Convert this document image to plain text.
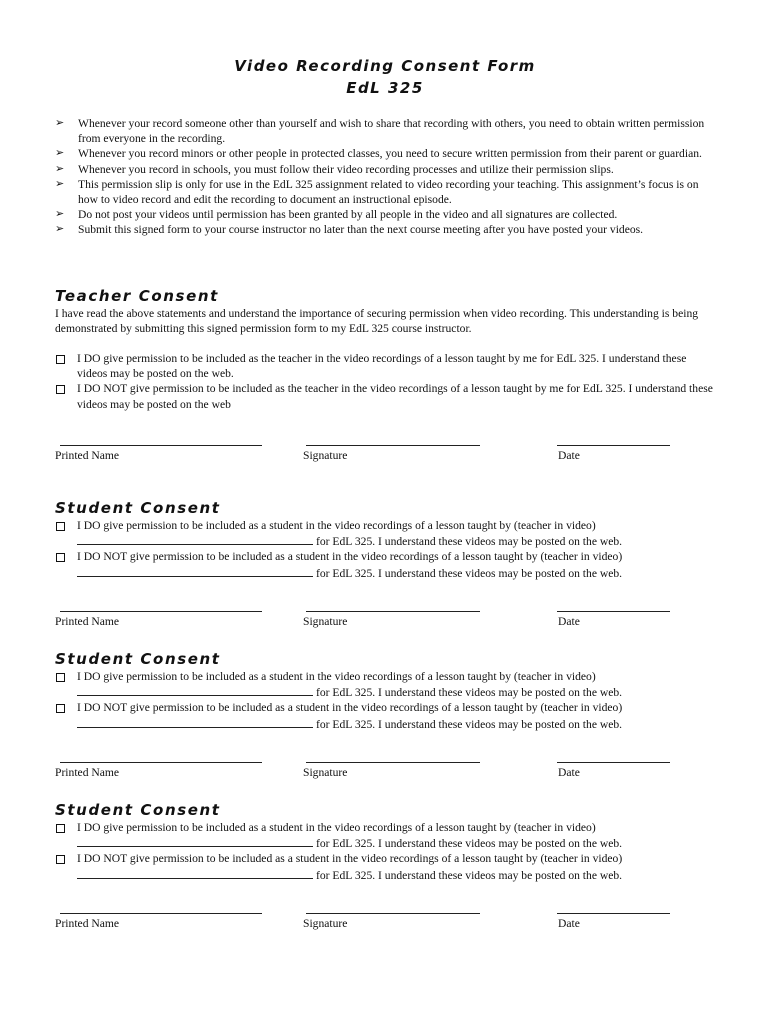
Video Recording Consent Form
EdL 325
➢ Whenever your record someone other than yourself and wish to share that recording with others, you need to obtain written permission from everyone in the recording.
➢ Whenever you record minors or other people in protected classes, you need to secure written permission from their parent or guardian.
➢ Whenever you record in schools, you must follow their video recording processes and utilize their permission slips.
➢ This permission slip is only for use in the EdL 325 assignment related to video recording your teaching. This assignment’s focus is on how to video record and edit the recording to document an instructional episode.
➢ Do not post your videos until permission has been granted by all people in the video and all signatures are collected.
➢ Submit this signed form to your course instructor no later than the next course meeting after you have posted your videos.
Teacher Consent
I have read the above statements and understand the importance of securing permission when video recording. This understanding is being demonstrated by submitting this signed permission form to my EdL 325 course instructor.
I DO give permission to be included as the teacher in the video recordings of a lesson taught by me for EdL 325. I understand these videos may be posted on the web.
I DO NOT give permission to be included as the teacher in the video recordings of a lesson taught by me for EdL 325. I understand these videos may be posted on the web
Printed Name	Signature	Date
Student Consent
I DO give permission to be included as a student in the video recordings of a lesson taught by (teacher in video)
for EdL 325. I understand these videos may be posted on the web.
I DO NOT give permission to be included as a student in the video recordings of a lesson taught by (teacher in video)
for EdL 325. I understand these videos may be posted on the web.
Printed Name	Signature	Date
Student Consent
I DO give permission to be included as a student in the video recordings of a lesson taught by (teacher in video)
for EdL 325. I understand these videos may be posted on the web.
I DO NOT give permission to be included as a student in the video recordings of a lesson taught by (teacher in video)
for EdL 325. I understand these videos may be posted on the web.
Printed Name	Signature	Date
Student Consent
I DO give permission to be included as a student in the video recordings of a lesson taught by (teacher in video)
for EdL 325. I understand these videos may be posted on the web.
I DO NOT give permission to be included as a student in the video recordings of a lesson taught by (teacher in video)
for EdL 325. I understand these videos may be posted on the web.
Printed Name	Signature	Date
